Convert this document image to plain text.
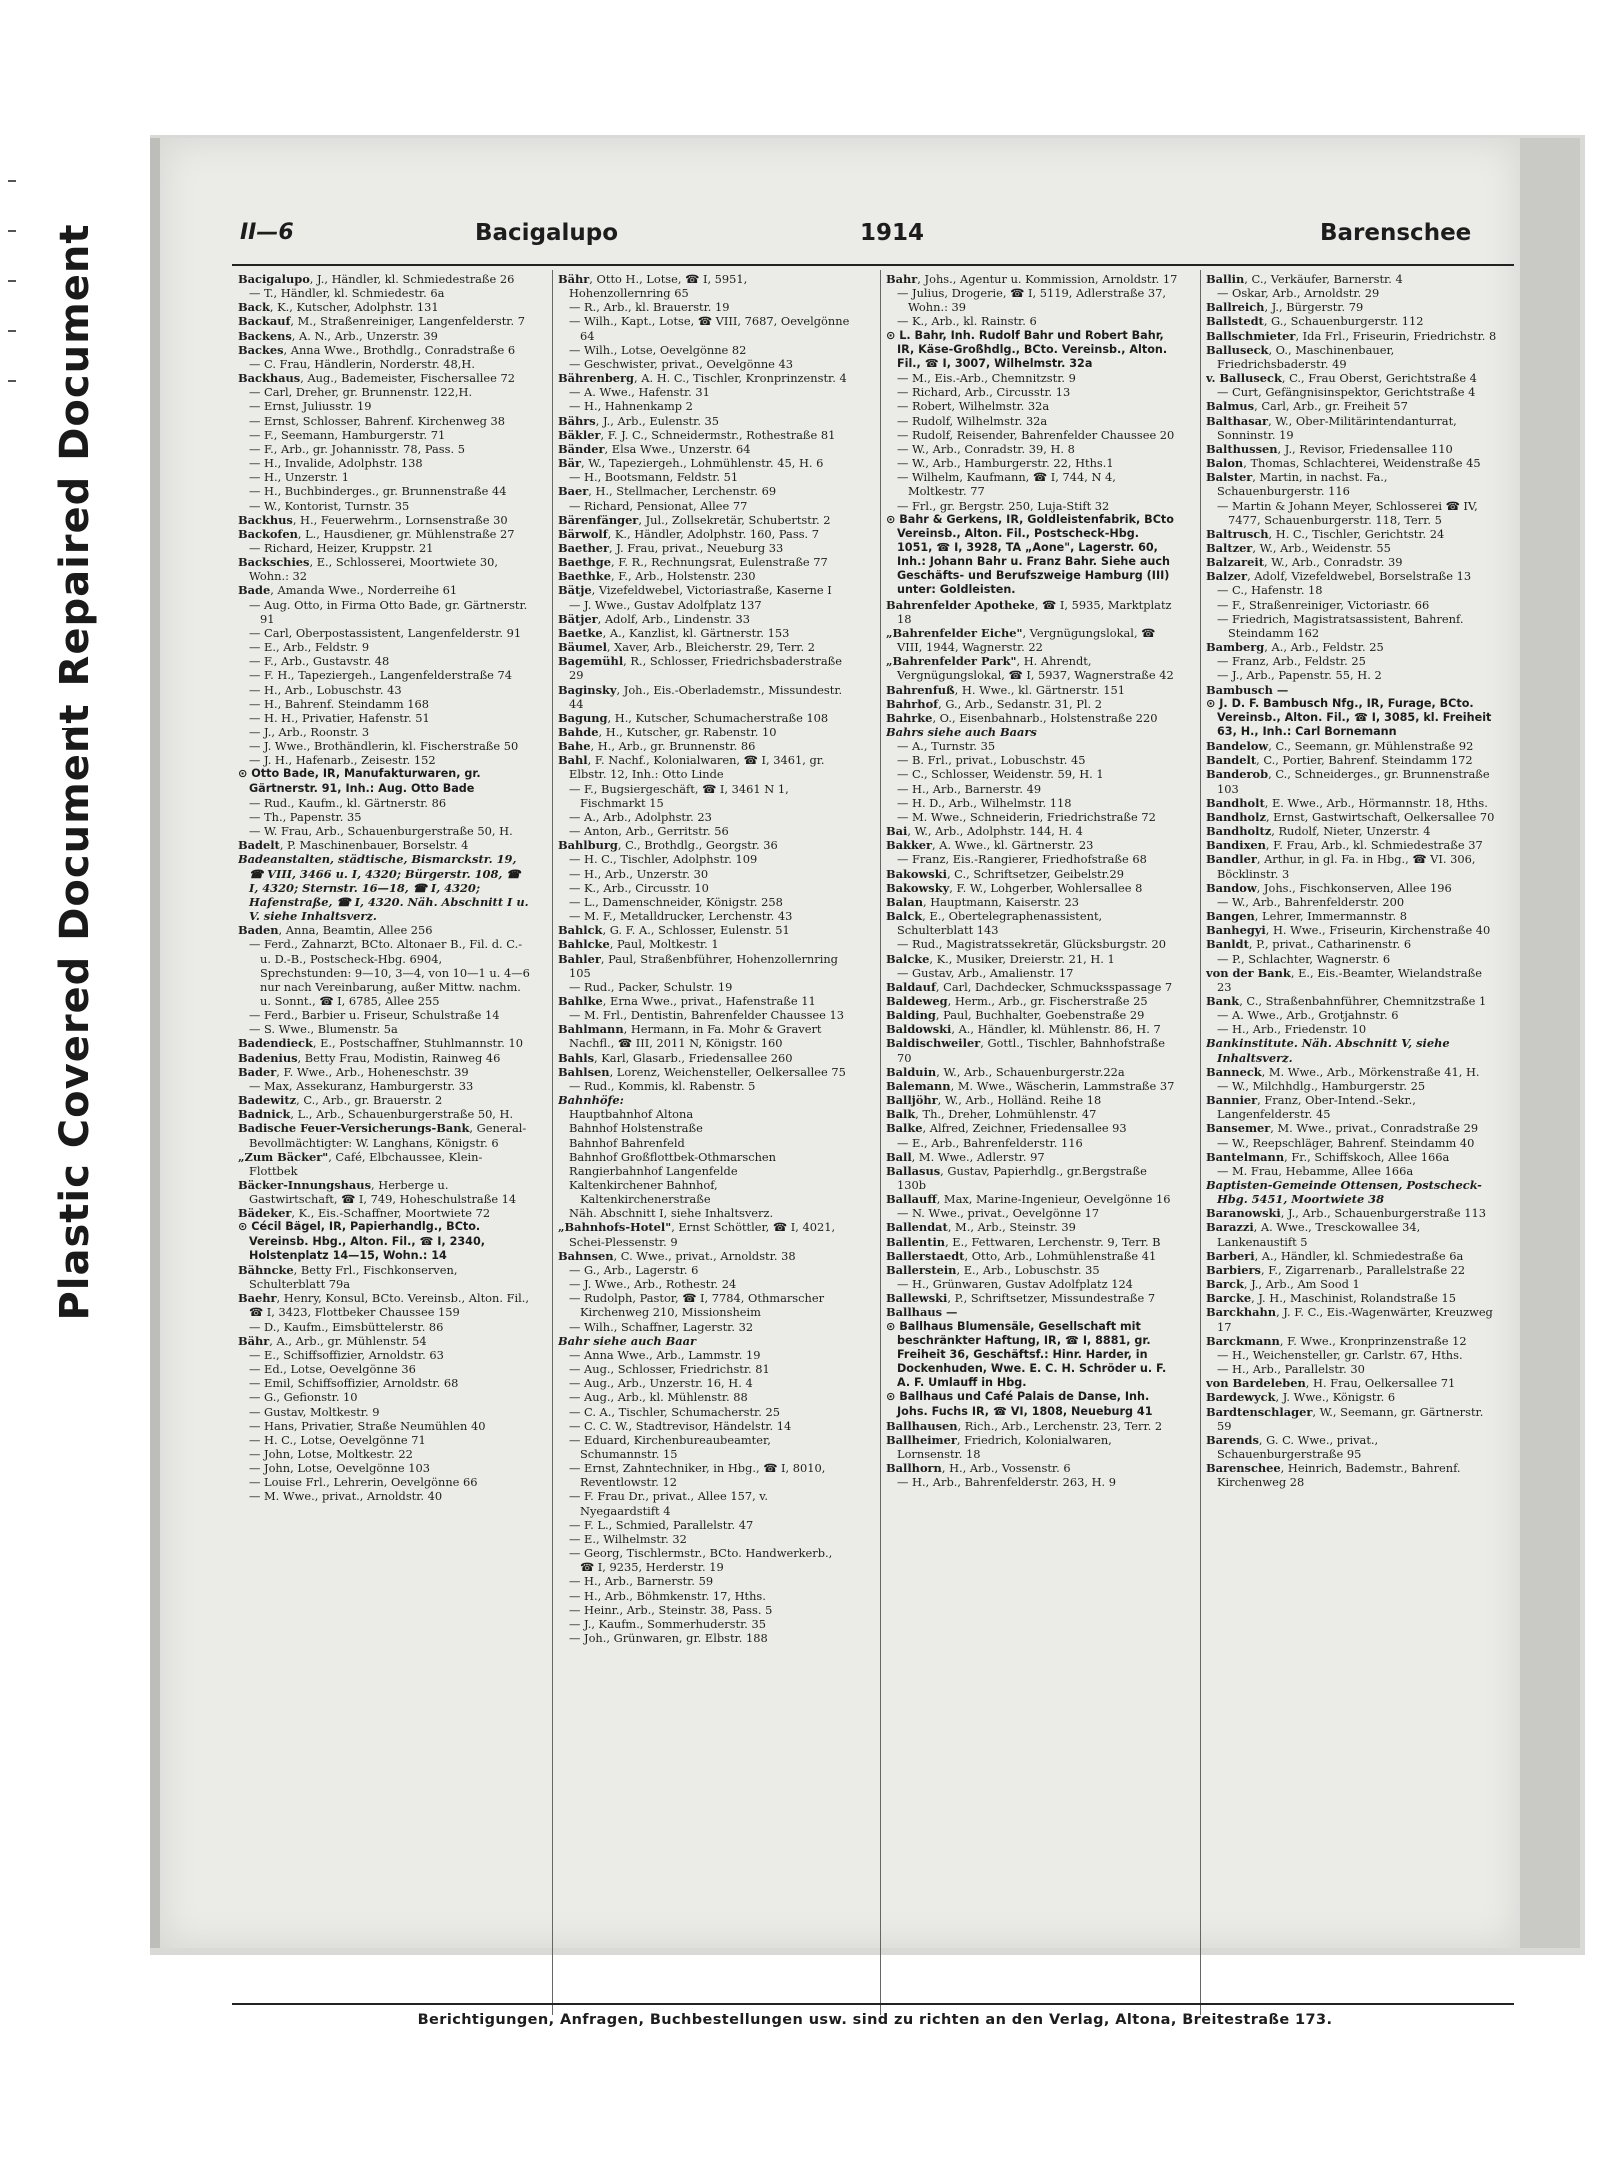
Repaired Document
Plastic Covered Document
II—6	Bacigalupo	1914	Barenschee

Bacigalupo, J., Händler, kl. Schmiedestraße 26

— T., Händler, kl. Schmiedestr. 6a

Back, K., Kutscher, Adolphstr. 131

Backauf, M., Straßenreiniger, Langenfelderstr. 7

Backens, A. N., Arb., Unzerstr. 39

Backes, Anna Wwe., Brothdlg., Conradstraße 6

— C. Frau, Händlerin, Norderstr. 48,H.

Backhaus, Aug., Bademeister, Fischersallee 72

— Carl, Dreher, gr. Brunnenstr. 122,H.

— Ernst, Juliusstr. 19

— Ernst, Schlosser, Bahrenf. Kirchenweg 38

— F., Seemann, Hamburgerstr. 71

— F., Arb., gr. Johannisstr. 78, Pass. 5

— H., Invalide, Adolphstr. 138

— H., Unzerstr. 1

— H., Buchbinderges., gr. Brunnenstraße 44

— W., Kontorist, Turnstr. 35

Backhus, H., Feuerwehrm., Lornsenstraße 30

Backofen, L., Hausdiener, gr. Mühlenstraße 27

— Richard, Heizer, Kruppstr. 21

Backschies, E., Schlosserei, Moortwiete 30, Wohn.: 32

Bade, Amanda Wwe., Norderreihe 61

— Aug. Otto, in Firma Otto Bade, gr. Gärtnerstr. 91

— Carl, Oberpostassistent, Langenfelderstr. 91

— E., Arb., Feldstr. 9

— F., Arb., Gustavstr. 48

— F. H., Tapeziergeh., Langenfelderstraße 74

— H., Arb., Lobuschstr. 43

— H., Bahrenf. Steindamm 168

— H. H., Privatier, Hafenstr. 51

— J., Arb., Roonstr. 3

— J. Wwe., Brothändlerin, kl. Fischerstraße 50

— J. H., Hafenarb., Zeisestr. 152

⊙ Otto Bade, IR, Manufakturwaren, gr. Gärtnerstr. 91, Inh.: Aug. Otto Bade

— Rud., Kaufm., kl. Gärtnerstr. 86

— Th., Papenstr. 35

— W. Frau, Arb., Schauenburgerstraße 50, H.

Badelt, P. Maschinenbauer, Borselstr. 4

Badeanstalten, städtische, Bismarckstr. 19, ☎ VIII, 3466 u. I, 4320; Bürgerstr. 108, ☎ I, 4320; Sternstr. 16—18, ☎ I, 4320; Hafenstraße, ☎ I, 4320. Näh. Abschnitt I u. V. siehe Inhaltsverz.

Baden, Anna, Beamtin, Allee 256

— Ferd., Zahnarzt, BCto. Altonaer B., Fil. d. C.- u. D.-B., Postscheck-Hbg. 6904, Sprechstunden: 9—10, 3—4, von 10—1 u. 4—6 nur nach Vereinbarung, außer Mittw. nachm. u. Sonnt., ☎ I, 6785, Allee 255

— Ferd., Barbier u. Friseur, Schulstraße 14

— S. Wwe., Blumenstr. 5a

Badendieck, E., Postschaffner, Stuhlmannstr. 10

Badenius, Betty Frau, Modistin, Rainweg 46

Bader, F. Wwe., Arb., Hoheneschstr. 39

— Max, Assekuranz, Hamburgerstr. 33

Badewitz, C., Arb., gr. Brauerstr. 2

Badnick, L., Arb., Schauenburgerstraße 50, H.

Badische Feuer-Versicherungs-Bank, General-Bevollmächtigter: W. Langhans, Königstr. 6

„Zum Bäcker", Café, Elbchaussee, Klein-Flottbek

Bäcker-Innungshaus, Herberge u. Gastwirtschaft, ☎ I, 749, Hoheschulstraße 14

Bädeker, K., Eis.-Schaffner, Moortwiete 72

⊙ Cécil Bägel, IR, Papierhandlg., BCto. Vereinsb. Hbg., Alton. Fil., ☎ I, 2340, Holstenplatz 14—15, Wohn.: 14

Bähncke, Betty Frl., Fischkonserven, Schulterblatt 79a

Baehr, Henry, Konsul, BCto. Vereinsb., Alton. Fil., ☎ I, 3423, Flottbeker Chaussee 159

— D., Kaufm., Eimsbüttelerstr. 86

Bähr, A., Arb., gr. Mühlenstr. 54

— E., Schiffsoffizier, Arnoldstr. 63

— Ed., Lotse, Oevelgönne 36

— Emil, Schiffsoffizier, Arnoldstr. 68

— G., Gefionstr. 10

— Gustav, Moltkestr. 9

— Hans, Privatier, Straße Neumühlen 40

— H. C., Lotse, Oevelgönne 71

— John, Lotse, Moltkestr. 22

— John, Lotse, Oevelgönne 103

— Louise Frl., Lehrerin, Oevelgönne 66

— M. Wwe., privat., Arnoldstr. 40

Bähr, Otto H., Lotse, ☎ I, 5951, Hohenzollernring 65

— R., Arb., kl. Brauerstr. 19

— Wilh., Kapt., Lotse, ☎ VIII, 7687, Oevelgönne 64

— Wilh., Lotse, Oevelgönne 82

— Geschwister, privat., Oevelgönne 43

Bährenberg, A. H. C., Tischler, Kronprinzenstr. 4

— A. Wwe., Hafenstr. 31

— H., Hahnenkamp 2

Bährs, J., Arb., Eulenstr. 35

Bäkler, F. J. C., Schneidermstr., Rothestraße 81

Bänder, Elsa Wwe., Unzerstr. 64

Bär, W., Tapeziergeh., Lohmühlenstr. 45, H. 6

— H., Bootsmann, Feldstr. 51

Baer, H., Stellmacher, Lerchenstr. 69

— Richard, Pensionat, Allee 77

Bärenfänger, Jul., Zollsekretär, Schubertstr. 2

Bärwolf, K., Händler, Adolphstr. 160, Pass. 7

Baether, J. Frau, privat., Neueburg 33

Baethge, F. R., Rechnungsrat, Eulenstraße 77

Baethke, F., Arb., Holstenstr. 230

Bätje, Vizefeldwebel, Victoriastraße, Kaserne I

— J. Wwe., Gustav Adolfplatz 137

Bätjer, Adolf, Arb., Lindenstr. 33

Baetke, A., Kanzlist, kl. Gärtnerstr. 153

Bäumel, Xaver, Arb., Bleicherstr. 29, Terr. 2

Bagemühl, R., Schlosser, Friedrichsbaderstraße 29

Baginsky, Joh., Eis.-Oberlademstr., Missundestr. 44

Bagung, H., Kutscher, Schumacherstraße 108

Bahde, H., Kutscher, gr. Rabenstr. 10

Bahe, H., Arb., gr. Brunnenstr. 86

Bahl, F. Nachf., Kolonialwaren, ☎ I, 3461, gr. Elbstr. 12, Inh.: Otto Linde

— F., Bugsiergeschäft, ☎ I, 3461 N 1, Fischmarkt 15

— A., Arb., Adolphstr. 23

— Anton, Arb., Gerritstr. 56

Bahlburg, C., Brothdlg., Georgstr. 36

— H. C., Tischler, Adolphstr. 109

— H., Arb., Unzerstr. 30

— K., Arb., Circusstr. 10

— L., Damenschneider, Königstr. 258

— M. F., Metalldrucker, Lerchenstr. 43

Bahlck, G. F. A., Schlosser, Eulenstr. 51

Bahlcke, Paul, Moltkestr. 1

Bahler, Paul, Straßenbführer, Hohenzollernring 105

— Rud., Packer, Schulstr. 19

Bahlke, Erna Wwe., privat., Hafenstraße 11

— M. Frl., Dentistin, Bahrenfelder Chaussee 13

Bahlmann, Hermann, in Fa. Mohr & Gravert Nachfl., ☎ III, 2011 N, Königstr. 160

Bahls, Karl, Glasarb., Friedensallee 260

Bahlsen, Lorenz, Weichensteller, Oelkersallee 75

— Rud., Kommis, kl. Rabenstr. 5

Bahnhöfe:

Hauptbahnhof Altona

Bahnhof Holstenstraße

Bahnhof Bahrenfeld

Bahnhof Großflottbek-Othmarschen

Rangierbahnhof Langenfelde

Kaltenkirchener Bahnhof, Kaltenkirchenerstraße

Näh. Abschnitt I, siehe Inhaltsverz.

„Bahnhofs-Hotel", Ernst Schöttler, ☎ I, 4021, Schei-Plessenstr. 9

Bahnsen, C. Wwe., privat., Arnoldstr. 38

— G., Arb., Lagerstr. 6

— J. Wwe., Arb., Rothestr. 24

— Rudolph, Pastor, ☎ I, 7784, Othmarscher Kirchenweg 210, Missionsheim

— Wilh., Schaffner, Lagerstr. 32

Bahr siehe auch Baar

— Anna Wwe., Arb., Lammstr. 19

— Aug., Schlosser, Friedrichstr. 81

— Aug., Arb., Unzerstr. 16, H. 4

— Aug., Arb., kl. Mühlenstr. 88

— C. A., Tischler, Schumacherstr. 25

— C. C. W., Stadtrevisor, Händelstr. 14

— Eduard, Kirchenbureaubeamter, Schumannstr. 15

— Ernst, Zahntechniker, in Hbg., ☎ I, 8010, Reventlowstr. 12

— F. Frau Dr., privat., Allee 157, v. Nyegaardstift 4

— F. L., Schmied, Parallelstr. 47

— E., Wilhelmstr. 32

— Georg, Tischlermstr., BCto. Handwerkerb., ☎ I, 9235, Herderstr. 19

— H., Arb., Barnerstr. 59

— H., Arb., Böhmkenstr. 17, Hths.

— Heinr., Arb., Steinstr. 38, Pass. 5

— J., Kaufm., Sommerhuderstr. 35

— Joh., Grünwaren, gr. Elbstr. 188

Bahr, Johs., Agentur u. Kommission, Arnoldstr. 17

— Julius, Drogerie, ☎ I, 5119, Adlerstraße 37, Wohn.: 39

— K., Arb., kl. Rainstr. 6

⊙ L. Bahr, Inh. Rudolf Bahr und Robert Bahr, IR, Käse-Großhdlg., BCto. Vereinsb., Alton. Fil., ☎ I, 3007, Wilhelmstr. 32a

— M., Eis.-Arb., Chemnitzstr. 9

— Richard, Arb., Circusstr. 13

— Robert, Wilhelmstr. 32a

— Rudolf, Wilhelmstr. 32a

— Rudolf, Reisender, Bahrenfelder Chaussee 20

— W., Arb., Conradstr. 39, H. 8

— W., Arb., Hamburgerstr. 22, Hths.1

— Wilhelm, Kaufmann, ☎ I, 744, N 4, Moltkestr. 77

— Frl., gr. Bergstr. 250, Luja-Stift 32

⊙ Bahr & Gerkens, IR, Goldleistenfabrik, BCto Vereinsb., Alton. Fil., Postscheck-Hbg. 1051, ☎ I, 3928, TA „Aone", Lagerstr. 60, Inh.: Johann Bahr u. Franz Bahr. Siehe auch Geschäfts- und Berufszweige Hamburg (III) unter: Goldleisten.

Bahrenfelder Apotheke, ☎ I, 5935, Marktplatz 18

„Bahrenfelder Eiche", Vergnügungslokal, ☎ VIII, 1944, Wagnerstr. 22

„Bahrenfelder Park", H. Ahrendt, Vergnügungslokal, ☎ I, 5937, Wagnerstraße 42

Bahrenfuß, H. Wwe., kl. Gärtnerstr. 151

Bahrhof, G., Arb., Sedanstr. 31, Pl. 2

Bahrke, O., Eisenbahnarb., Holstenstraße 220

Bahrs siehe auch Baars

— A., Turnstr. 35

— B. Frl., privat., Lobuschstr. 45

— C., Schlosser, Weidenstr. 59, H. 1

— H., Arb., Barnerstr. 49

— H. D., Arb., Wilhelmstr. 118

— M. Wwe., Schneiderin, Friedrichstraße 72

Bai, W., Arb., Adolphstr. 144, H. 4

Bakker, A. Wwe., kl. Gärtnerstr. 23

— Franz, Eis.-Rangierer, Friedhofstraße 68

Bakowski, C., Schriftsetzer, Geibelstr.29

Bakowsky, F. W., Lohgerber, Wohlersallee 8

Balan, Hauptmann, Kaiserstr. 23

Balck, E., Obertelegraphenassistent, Schulterblatt 143

— Rud., Magistratssekretär, Glücksburgstr. 20

Balcke, K., Musiker, Dreierstr. 21, H. 1

— Gustav, Arb., Amalienstr. 17

Baldauf, Carl, Dachdecker, Schmucksspassage 7

Baldeweg, Herm., Arb., gr. Fischerstraße 25

Balding, Paul, Buchhalter, Goebenstraße 29

Baldowski, A., Händler, kl. Mühlenstr. 86, H. 7

Baldischweiler, Gottl., Tischler, Bahnhofstraße 70

Balduin, W., Arb., Schauenburgerstr.22a

Balemann, M. Wwe., Wäscherin, Lammstraße 37

Balljöhr, W., Arb., Holländ. Reihe 18

Balk, Th., Dreher, Lohmühlenstr. 47

Balke, Alfred, Zeichner, Friedensallee 93

— E., Arb., Bahrenfelderstr. 116

Ball, M. Wwe., Adlerstr. 97

Ballasus, Gustav, Papierhdlg., gr.Bergstraße 130b

Ballauff, Max, Marine-Ingenieur, Oevelgönne 16

— N. Wwe., privat., Oevelgönne 17

Ballendat, M., Arb., Steinstr. 39

Ballentin, E., Fettwaren, Lerchenstr. 9, Terr. B

Ballerstaedt, Otto, Arb., Lohmühlenstraße 41

Ballerstein, E., Arb., Lobuschstr. 35

— H., Grünwaren, Gustav Adolfplatz 124

Ballewski, P., Schriftsetzer, Missundestraße 7

Ballhaus —

⊙ Ballhaus Blumensäle, Gesellschaft mit beschränkter Haftung, IR, ☎ I, 8881, gr. Freiheit 36, Geschäftsf.: Hinr. Harder, in Dockenhuden, Wwe. E. C. H. Schröder u. F. A. F. Umlauff in Hbg.

⊙ Ballhaus und Café Palais de Danse, Inh. Johs. Fuchs IR, ☎ VI, 1808, Neueburg 41

Ballhausen, Rich., Arb., Lerchenstr. 23, Terr. 2

Ballheimer, Friedrich, Kolonialwaren, Lornsenstr. 18

Ballhorn, H., Arb., Vossenstr. 6

— H., Arb., Bahrenfelderstr. 263, H. 9

Ballin, C., Verkäufer, Barnerstr. 4

— Oskar, Arb., Arnoldstr. 29

Ballreich, J., Bürgerstr. 79

Ballstedt, G., Schauenburgerstr. 112

Ballschmieter, Ida Frl., Friseurin, Friedrichstr. 8

Balluseck, O., Maschinenbauer, Friedrichsbaderstr. 49

v. Balluseck, C., Frau Oberst, Gerichtstraße 4

— Curt, Gefängnisinspektor, Gerichtstraße 4

Balmus, Carl, Arb., gr. Freiheit 57

Balthasar, W., Ober-Militärintendanturrat, Sonninstr. 19

Balthussen, J., Revisor, Friedensallee 110

Balon, Thomas, Schlachterei, Weidenstraße 45

Balster, Martin, in nachst. Fa., Schauenburgerstr. 116

— Martin & Johann Meyer, Schlosserei ☎ IV, 7477, Schauenburgerstr. 118, Terr. 5

Baltrusch, H. C., Tischler, Gerichtstr. 24

Baltzer, W., Arb., Weidenstr. 55

Balzareit, W., Arb., Conradstr. 39

Balzer, Adolf, Vizefeldwebel, Borselstraße 13

— C., Hafenstr. 18

— F., Straßenreiniger, Victoriastr. 66

— Friedrich, Magistratsassistent, Bahrenf. Steindamm 162

Bamberg, A., Arb., Feldstr. 25

— Franz, Arb., Feldstr. 25

— J., Arb., Papenstr. 55, H. 2

Bambusch —

⊙ J. D. F. Bambusch Nfg., IR, Furage, BCto. Vereinsb., Alton. Fil., ☎ I, 3085, kl. Freiheit 63, H., Inh.: Carl Bornemann

Bandelow, C., Seemann, gr. Mühlenstraße 92

Bandelt, C., Portier, Bahrenf. Steindamm 172

Banderob, C., Schneiderges., gr. Brunnenstraße 103

Bandholt, E. Wwe., Arb., Hörmannstr. 18, Hths.

Bandholz, Ernst, Gastwirtschaft, Oelkersallee 70

Bandholtz, Rudolf, Nieter, Unzerstr. 4

Bandixen, F. Frau, Arb., kl. Schmiedestraße 37

Bandler, Arthur, in gl. Fa. in Hbg., ☎ VI. 306, Böcklinstr. 3

Bandow, Johs., Fischkonserven, Allee 196

— W., Arb., Bahrenfelderstr. 200

Bangen, Lehrer, Immermannstr. 8

Banhegyi, H. Wwe., Friseurin, Kirchenstraße 40

Banldt, P., privat., Catharinenstr. 6

— P., Schlachter, Wagnerstr. 6

von der Bank, E., Eis.-Beamter, Wielandstraße 23

Bank, C., Straßenbahnführer, Chemnitzstraße 1

— A. Wwe., Arb., Grotjahnstr. 6

— H., Arb., Friedenstr. 10

Bankinstitute. Näh. Abschnitt V, siehe Inhaltsverz.

Banneck, M. Wwe., Arb., Mörkenstraße 41, H.

— W., Milchhdlg., Hamburgerstr. 25

Bannier, Franz, Ober-Intend.-Sekr., Langenfelderstr. 45

Bansemer, M. Wwe., privat., Conradstraße 29

— W., Reepschläger, Bahrenf. Steindamm 40

Bantelmann, Fr., Schiffskoch, Allee 166a

— M. Frau, Hebamme, Allee 166a

Baptisten-Gemeinde Ottensen, Postscheck-Hbg. 5451, Moortwiete 38

Baranowski, J., Arb., Schauenburgerstraße 113

Barazzi, A. Wwe., Tresckowallee 34, Lankenaustift 5

Barberi, A., Händler, kl. Schmiedestraße 6a

Barbiers, F., Zigarrenarb., Parallelstraße 22

Barck, J., Arb., Am Sood 1

Barcke, J. H., Maschinist, Rolandstraße 15

Barckhahn, J. F. C., Eis.-Wagenwärter, Kreuzweg 17

Barckmann, F. Wwe., Kronprinzenstraße 12

— H., Weichensteller, gr. Carlstr. 67, Hths.

— H., Arb., Parallelstr. 30

von Bardeleben, H. Frau, Oelkersallee 71

Bardewyck, J. Wwe., Königstr. 6

Bardtenschlager, W., Seemann, gr. Gärtnerstr. 59

Barends, G. C. Wwe., privat., Schauenburgerstraße 95

Barenschee, Heinrich, Bademstr., Bahrenf. Kirchenweg 28

Berichtigungen, Anfragen, Buchbestellungen usw. sind zu richten an den Verlag, Altona, Breitestraße 173.
